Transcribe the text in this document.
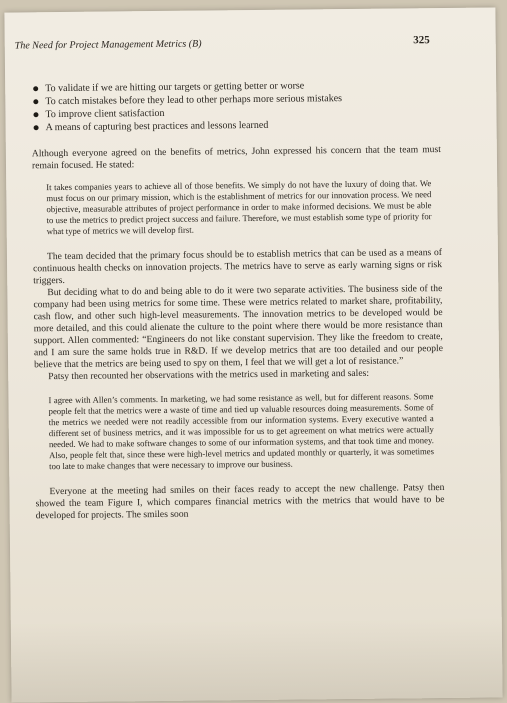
The Need for Project Management Metrics (B)	325
To validate if we are hitting our targets or getting better or worse
To catch mistakes before they lead to other perhaps more serious mistakes
To improve client satisfaction
A means of capturing best practices and lessons learned

Although everyone agreed on the benefits of metrics, John expressed his concern that the team must remain focused. He stated:

It takes companies years to achieve all of those benefits. We simply do not have the luxury of doing that. We must focus on our primary mission, which is the establishment of metrics for our innovation process. We need objective, measurable attributes of project performance in order to make informed decisions. We must be able to use the metrics to predict project success and failure. Therefore, we must establish some type of priority for what type of metrics we will develop first.

The team decided that the primary focus should be to establish metrics that can be used as a means of continuous health checks on innovation projects. The metrics have to serve as early warning signs or risk triggers.

But deciding what to do and being able to do it were two separate activities. The business side of the company had been using metrics for some time. These were metrics related to market share, profitability, cash flow, and other such high-level measurements. The innovation metrics to be developed would be more detailed, and this could alienate the culture to the point where there would be more resistance than support. Allen commented: “Engineers do not like constant supervision. They like the freedom to create, and I am sure the same holds true in R&D. If we develop metrics that are too detailed and our people believe that the metrics are being used to spy on them, I feel that we will get a lot of resistance.”

Patsy then recounted her observations with the metrics used in marketing and sales:

I agree with Allen’s comments. In marketing, we had some resistance as well, but for different reasons. Some people felt that the metrics were a waste of time and tied up valuable resources doing measurements. Some of the metrics we needed were not readily accessible from our information systems. Every executive wanted a different set of business metrics, and it was impossible for us to get agreement on what metrics were actually needed. We had to make software changes to some of our information systems, and that took time and money. Also, people felt that, since these were high-level metrics and updated monthly or quarterly, it was sometimes too late to make changes that were necessary to improve our business.

Everyone at the meeting had smiles on their faces ready to accept the new challenge. Patsy then showed the team Figure I, which compares financial metrics with the metrics that would have to be developed for projects. The smiles soon
